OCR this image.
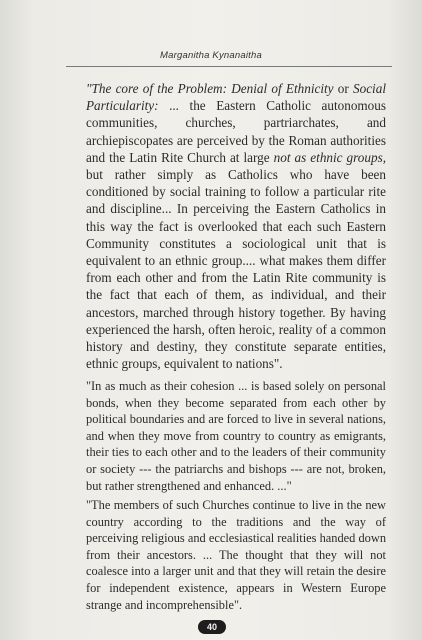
Marganitha Kynanaitha

"The core of the Problem: Denial of Ethnicity or Social Particularity: ... the Eastern Catholic autonomous communities, churches, partriarchates, and archiepiscopates are perceived by the Roman authorities and the Latin Rite Church at large not as ethnic groups, but rather simply as Catholics who have been conditioned by social training to follow a particular rite and discipline... In perceiving the Eastern Catholics in this way the fact is overlooked that each such Eastern Community constitutes a sociological unit that is equivalent to an ethnic group.... what makes them differ from each other and from the Latin Rite community is the fact that each of them, as individual, and their ancestors, marched through history together. By having experienced the harsh, often heroic, reality of a common history and destiny, they constitute separate entities, ethnic groups, equivalent to nations".

"In as much as their cohesion ... is based solely on personal bonds, when they become separated from each other by political boundaries and are forced to live in several nations, and when they move from country to country as emigrants, their ties to each other and to the leaders of their community or society --- the patriarchs and bishops --- are not, broken, but rather strengthened and enhanced. ..."

"The members of such Churches continue to live in the new country according to the traditions and the way of perceiving religious and ecclesiastical realities handed down from their ancestors. ... The thought that they will not coalesce into a larger unit and that they will retain the desire for independent existence, appears in Western Europe strange and incomprehensible".

40
